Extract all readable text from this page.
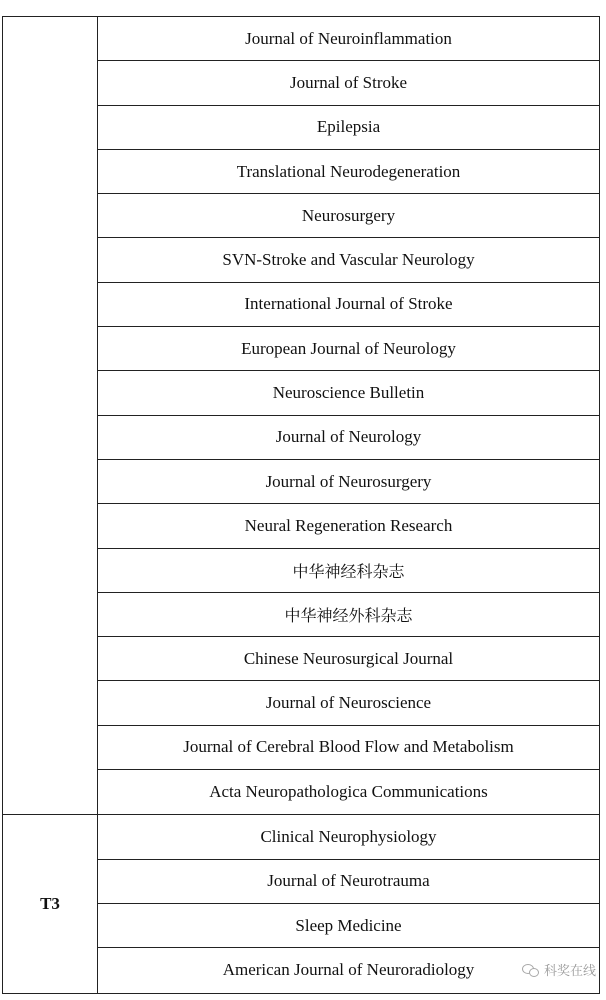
Journal of Neuroinflammation
Journal of Stroke
Epilepsia
Translational Neurodegeneration
Neurosurgery
SVN-Stroke and Vascular Neurology
International Journal of Stroke
European Journal of Neurology
Neuroscience Bulletin
Journal of Neurology
Journal of Neurosurgery
Neural Regeneration Research
中华神经科杂志
中华神经外科杂志
Chinese Neurosurgical Journal
Journal of Neuroscience
Journal of Cerebral Blood Flow and Metabolism
Acta Neuropathologica Communications
T3
Clinical Neurophysiology
Journal of Neurotrauma
Sleep Medicine
American Journal of Neuroradiology	科奖在线
